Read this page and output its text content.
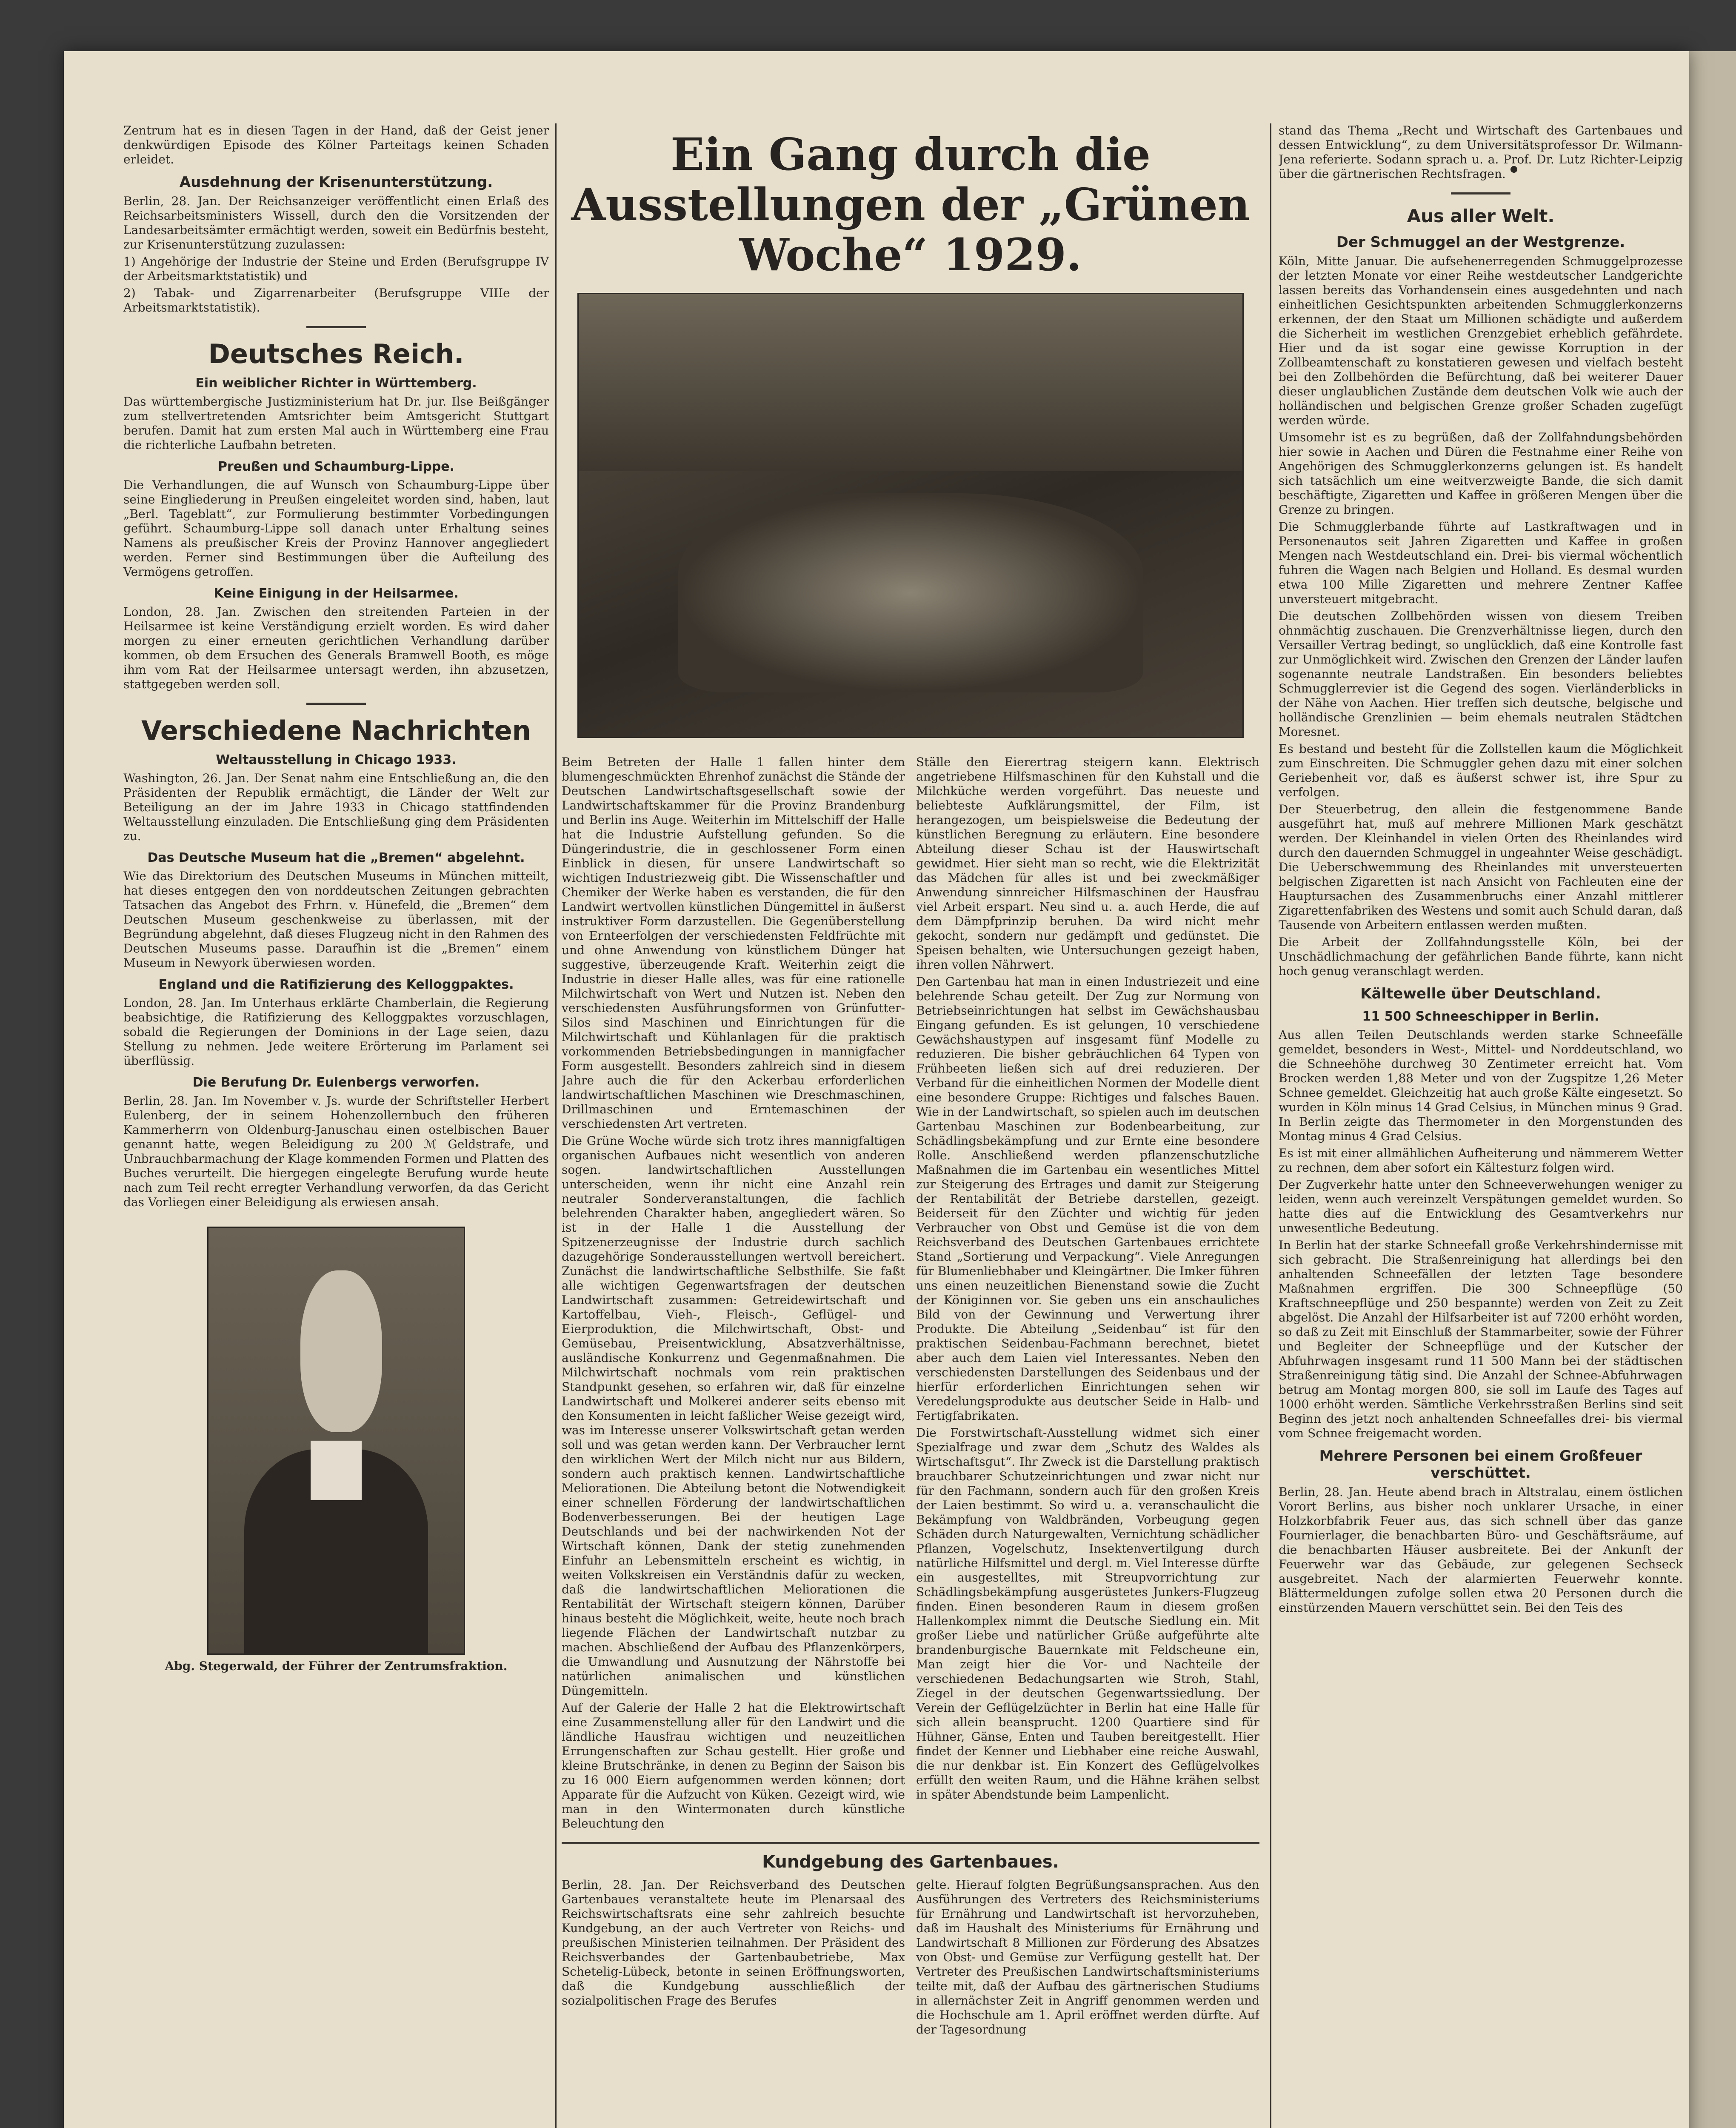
Zentrum hat es in diesen Tagen in der Hand, daß der Geist jener denkwürdigen Episode des Kölner Parteitags keinen Schaden erleidet.

Ausdehnung der Krisenunterstützung.

Berlin, 28. Jan. Der Reichsanzeiger veröffentlicht einen Erlaß des Reichsarbeitsministers Wissell, durch den die Vorsitzenden der Landesarbeitsämter ermächtigt werden, soweit ein Bedürfnis besteht, zur Krisenunterstützung zuzulassen:

1) Angehörige der Industrie der Steine und Erden (Berufsgruppe IV der Arbeitsmarktstatistik) und

2) Tabak- und Zigarrenarbeiter (Berufsgruppe VIIIe der Arbeitsmarktstatistik).

Deutsches Reich.
Ein weiblicher Richter in Württemberg.

Das württembergische Justizministerium hat Dr. jur. Ilse Beißgänger zum stellvertretenden Amtsrichter beim Amtsgericht Stuttgart berufen. Damit hat zum ersten Mal auch in Württemberg eine Frau die richterliche Laufbahn betreten.

Preußen und Schaumburg-Lippe.

Die Verhandlungen, die auf Wunsch von Schaumburg-Lippe über seine Eingliederung in Preußen eingeleitet worden sind, haben, laut „Berl. Tageblatt“, zur Formulierung bestimmter Vorbedingungen geführt. Schaumburg-Lippe soll danach unter Erhaltung seines Namens als preußischer Kreis der Provinz Hannover angegliedert werden. Ferner sind Bestimmungen über die Aufteilung des Vermögens getroffen.

Keine Einigung in der Heilsarmee.

London, 28. Jan. Zwischen den streitenden Parteien in der Heilsarmee ist keine Verständigung erzielt worden. Es wird daher morgen zu einer erneuten gerichtlichen Verhandlung darüber kommen, ob dem Ersuchen des Generals Bramwell Booth, es möge ihm vom Rat der Heilsarmee untersagt werden, ihn abzusetzen, stattgegeben werden soll.

Verschiedene Nachrichten
Weltausstellung in Chicago 1933.

Washington, 26. Jan. Der Senat nahm eine Entschließung an, die den Präsidenten der Republik ermächtigt, die Länder der Welt zur Beteiligung an der im Jahre 1933 in Chicago stattfindenden Weltausstellung einzuladen. Die Entschließung ging dem Präsidenten zu.

Das Deutsche Museum hat die „Bremen“ abgelehnt.

Wie das Direktorium des Deutschen Museums in München mitteilt, hat dieses entgegen den von norddeutschen Zeitungen gebrachten Tatsachen das Angebot des Frhrn. v. Hünefeld, die „Bremen“ dem Deutschen Museum geschenkweise zu überlassen, mit der Begründung abgelehnt, daß dieses Flugzeug nicht in den Rahmen des Deutschen Museums passe. Daraufhin ist die „Bremen“ einem Museum in Newyork überwiesen worden.

England und die Ratifizierung des Kelloggpaktes.

London, 28. Jan. Im Unterhaus erklärte Chamberlain, die Regierung beabsichtige, die Ratifizierung des Kelloggpaktes vorzuschlagen, sobald die Regierungen der Dominions in der Lage seien, dazu Stellung zu nehmen. Jede weitere Erörterung im Parlament sei überflüssig.

Die Berufung Dr. Eulenbergs verworfen.

Berlin, 28. Jan. Im November v. Js. wurde der Schriftsteller Herbert Eulenberg, der in seinem Hohenzollernbuch den früheren Kammerherrn von Oldenburg-Januschau einen ostelbischen Bauer genannt hatte, wegen Beleidigung zu 200 ℳ Geldstrafe, und Unbrauchbarmachung der Klage kommenden Formen und Platten des Buches verurteilt. Die hiergegen eingelegte Berufung wurde heute nach zum Teil recht erregter Verhandlung verworfen, da das Gericht das Vorliegen einer Beleidigung als erwiesen ansah.

Abg. Stegerwald, der Führer der Zentrumsfraktion.
Ein Gang durch die Ausstellungen der „Grünen Woche“ 1929.

Beim Betreten der Halle 1 fallen hinter dem blumengeschmückten Ehrenhof zunächst die Stände der Deutschen Landwirtschaftsgesellschaft sowie der Landwirtschaftskammer für die Provinz Brandenburg und Berlin ins Auge. Weiterhin im Mittelschiff der Halle hat die Industrie Aufstellung gefunden. So die Düngerindustrie, die in geschlossener Form einen Einblick in diesen, für unsere Landwirtschaft so wichtigen Industriezweig gibt. Die Wissenschaftler und Chemiker der Werke haben es verstanden, die für den Landwirt wertvollen künstlichen Düngemittel in äußerst instruktiver Form darzustellen. Die Gegenüberstellung von Ernteerfolgen der verschiedensten Feldfrüchte mit und ohne Anwendung von künstlichem Dünger hat suggestive, überzeugende Kraft. Weiterhin zeigt die Industrie in dieser Halle alles, was für eine rationelle Milchwirtschaft von Wert und Nutzen ist. Neben den verschiedensten Ausführungsformen von Grünfutter-Silos sind Maschinen und Einrichtungen für die Milchwirtschaft und Kühlanlagen für die praktisch vorkommenden Betriebsbedingungen in mannigfacher Form ausgestellt. Besonders zahlreich sind in diesem Jahre auch die für den Ackerbau erforderlichen landwirtschaftlichen Maschinen wie Dreschmaschinen, Drillmaschinen und Erntemaschinen der verschiedensten Art vertreten.

Die Grüne Woche würde sich trotz ihres mannigfaltigen organischen Aufbaues nicht wesentlich von anderen sogen. landwirtschaftlichen Ausstellungen unterscheiden, wenn ihr nicht eine Anzahl rein neutraler Sonderveranstaltungen, die fachlich belehrenden Charakter haben, angegliedert wären. So ist in der Halle 1 die Ausstellung der Spitzenerzeugnisse der Industrie durch sachlich dazugehörige Sonderausstellungen wertvoll bereichert. Zunächst die landwirtschaftliche Selbsthilfe. Sie faßt alle wichtigen Gegenwartsfragen der deutschen Landwirtschaft zusammen: Getreidewirtschaft und Kartoffelbau, Vieh-, Fleisch-, Geflügel- und Eierproduktion, die Milchwirtschaft, Obst- und Gemüsebau, Preisentwicklung, Absatzverhältnisse, ausländische Konkurrenz und Gegenmaßnahmen. Die Milchwirtschaft nochmals vom rein praktischen Standpunkt gesehen, so erfahren wir, daß für einzelne Landwirtschaft und Molkerei anderer seits ebenso mit den Konsumenten in leicht faßlicher Weise gezeigt wird, was im Interesse unserer Volkswirtschaft getan werden soll und was getan werden kann. Der Verbraucher lernt den wirklichen Wert der Milch nicht nur aus Bildern, sondern auch praktisch kennen. Landwirtschaftliche Meliorationen. Die Abteilung betont die Notwendigkeit einer schnellen Förderung der landwirtschaftlichen Bodenverbesserungen. Bei der heutigen Lage Deutschlands und bei der nachwirkenden Not der Wirtschaft können, Dank der stetig zunehmenden Einfuhr an Lebensmitteln erscheint es wichtig, in weiten Volkskreisen ein Verständnis dafür zu wecken, daß die landwirtschaftlichen Meliorationen die Rentabilität der Wirtschaft steigern können, Darüber hinaus besteht die Möglichkeit, weite, heute noch brach liegende Flächen der Landwirtschaft nutzbar zu machen. Abschließend der Aufbau des Pflanzenkörpers, die Umwandlung und Ausnutzung der Nährstoffe bei natürlichen animalischen und künstlichen Düngemitteln.

Auf der Galerie der Halle 2 hat die Elektrowirtschaft eine Zusammenstellung aller für den Landwirt und die ländliche Hausfrau wichtigen und neuzeitlichen Errungenschaften zur Schau gestellt. Hier große und kleine Brutschränke, in denen zu Beginn der Saison bis zu 16 000 Eiern aufgenommen werden können; dort Apparate für die Aufzucht von Küken. Gezeigt wird, wie man in den Wintermonaten durch künstliche Beleuchtung den

Ställe den Eierertrag steigern kann. Elektrisch angetriebene Hilfsmaschinen für den Kuhstall und die Milchküche werden vorgeführt. Das neueste und beliebteste Aufklärungsmittel, der Film, ist herangezogen, um beispielsweise die Bedeutung der künstlichen Beregnung zu erläutern. Eine besondere Abteilung dieser Schau ist der Hauswirtschaft gewidmet. Hier sieht man so recht, wie die Elektrizität das Mädchen für alles ist und bei zweckmäßiger Anwendung sinnreicher Hilfsmaschinen der Hausfrau viel Arbeit erspart. Neu sind u. a. auch Herde, die auf dem Dämpfprinzip beruhen. Da wird nicht mehr gekocht, sondern nur gedämpft und gedünstet. Die Speisen behalten, wie Untersuchungen gezeigt haben, ihren vollen Nährwert.

Den Gartenbau hat man in einen Industriezeit und eine belehrende Schau geteilt. Der Zug zur Normung von Betriebseinrichtungen hat selbst im Gewächshausbau Eingang gefunden. Es ist gelungen, 10 verschiedene Gewächshaustypen auf insgesamt fünf Modelle zu reduzieren. Die bisher gebräuchlichen 64 Typen von Frühbeeten ließen sich auf drei reduzieren. Der Verband für die einheitlichen Normen der Modelle dient eine besondere Gruppe: Richtiges und falsches Bauen. Wie in der Landwirtschaft, so spielen auch im deutschen Gartenbau Maschinen zur Bodenbearbeitung, zur Schädlingsbekämpfung und zur Ernte eine besondere Rolle. Anschließend werden pflanzenschutzliche Maßnahmen die im Gartenbau ein wesentliches Mittel zur Steigerung des Ertrages und damit zur Steigerung der Rentabilität der Betriebe darstellen, gezeigt. Beiderseit für den Züchter und wichtig für jeden Verbraucher von Obst und Gemüse ist die von dem Reichsverband des Deutschen Gartenbaues errichtete Stand „Sortierung und Verpackung“. Viele Anregungen für Blumenliebhaber und Kleingärtner. Die Imker führen uns einen neuzeitlichen Bienenstand sowie die Zucht der Königinnen vor. Sie geben uns ein anschauliches Bild von der Gewinnung und Verwertung ihrer Produkte. Die Abteilung „Seidenbau“ ist für den praktischen Seidenbau-Fachmann berechnet, bietet aber auch dem Laien viel Interessantes. Neben den verschiedensten Darstellungen des Seidenbaus und der hierfür erforderlichen Einrichtungen sehen wir Veredelungsprodukte aus deutscher Seide in Halb- und Fertigfabrikaten.

Die Forstwirtschaft-Ausstellung widmet sich einer Spezialfrage und zwar dem „Schutz des Waldes als Wirtschaftsgut“. Ihr Zweck ist die Darstellung praktisch brauchbarer Schutzeinrichtungen und zwar nicht nur für den Fachmann, sondern auch für den großen Kreis der Laien bestimmt. So wird u. a. veranschaulicht die Bekämpfung von Waldbränden, Vorbeugung gegen Schäden durch Naturgewalten, Vernichtung schädlicher Pflanzen, Vogelschutz, Insektenvertilgung durch natürliche Hilfsmittel und dergl. m. Viel Interesse dürfte ein ausgestelltes, mit Streupvorrichtung zur Schädlingsbekämpfung ausgerüstetes Junkers-Flugzeug finden. Einen besonderen Raum in diesem großen Hallenkomplex nimmt die Deutsche Siedlung ein. Mit großer Liebe und natürlicher Grüße aufgeführte alte brandenburgische Bauernkate mit Feldscheune ein, Man zeigt hier die Vor- und Nachteile der verschiedenen Bedachungsarten wie Stroh, Stahl, Ziegel in der deutschen Gegenwartssiedlung. Der Verein der Geflügelzüchter in Berlin hat eine Halle für sich allein beansprucht. 1200 Quartiere sind für Hühner, Gänse, Enten und Tauben bereitgestellt. Hier findet der Kenner und Liebhaber eine reiche Auswahl, die nur denkbar ist. Ein Konzert des Geflügelvolkes erfüllt den weiten Raum, und die Hähne krähen selbst in später Abendstunde beim Lampenlicht.

Kundgebung des Gartenbaues.

Berlin, 28. Jan. Der Reichsverband des Deutschen Gartenbaues veranstaltete heute im Plenarsaal des Reichswirtschaftsrats eine sehr zahlreich besuchte Kundgebung, an der auch Vertreter von Reichs- und preußischen Ministerien teilnahmen. Der Präsident des Reichsverbandes der Gartenbaubetriebe, Max Schetelig-Lübeck, betonte in seinen Eröffnungsworten, daß die Kundgebung ausschließlich der sozialpolitischen Frage des Berufes

gelte. Hierauf folgten Begrüßungsansprachen. Aus den Ausführungen des Vertreters des Reichsministeriums für Ernährung und Landwirtschaft ist hervorzuheben, daß im Haushalt des Ministeriums für Ernährung und Landwirtschaft 8 Millionen zur Förderung des Absatzes von Obst- und Gemüse zur Verfügung gestellt hat. Der Vertreter des Preußischen Landwirtschaftsministeriums teilte mit, daß der Aufbau des gärtnerischen Studiums in allernächster Zeit in Angriff genommen werden und die Hochschule am 1. April eröffnet werden dürfte. Auf der Tagesordnung

stand das Thema „Recht und Wirtschaft des Gartenbaues und dessen Entwicklung“, zu dem Universitätsprofessor Dr. Wilmann-Jena referierte. Sodann sprach u. a. Prof. Dr. Lutz Richter-Leipzig über die gärtnerischen Rechtsfragen.

Aus aller Welt.
Der Schmuggel an der Westgrenze.

Köln, Mitte Januar. Die aufsehenerregenden Schmuggelprozesse der letzten Monate vor einer Reihe westdeutscher Landgerichte lassen bereits das Vorhandensein eines ausgedehnten und nach einheitlichen Gesichtspunkten arbeitenden Schmugglerkonzerns erkennen, der den Staat um Millionen schädigte und außerdem die Sicherheit im westlichen Grenzgebiet erheblich gefährdete. Hier und da ist sogar eine gewisse Korruption in der Zollbeamtenschaft zu konstatieren gewesen und vielfach besteht bei den Zollbehörden die Befürchtung, daß bei weiterer Dauer dieser unglaublichen Zustände dem deutschen Volk wie auch der holländischen und belgischen Grenze großer Schaden zugefügt werden würde.

Umsomehr ist es zu begrüßen, daß der Zollfahndungsbehörden hier sowie in Aachen und Düren die Festnahme einer Reihe von Angehörigen des Schmugglerkonzerns gelungen ist. Es handelt sich tatsächlich um eine weitverzweigte Bande, die sich damit beschäftigte, Zigaretten und Kaffee in größeren Mengen über die Grenze zu bringen.

Die Schmugglerbande führte auf Lastkraftwagen und in Personenautos seit Jahren Zigaretten und Kaffee in großen Mengen nach Westdeutschland ein. Drei- bis viermal wöchentlich fuhren die Wagen nach Belgien und Holland. Es desmal wurden etwa 100 Mille Zigaretten und mehrere Zentner Kaffee unversteuert mitgebracht.

Die deutschen Zollbehörden wissen von diesem Treiben ohnmächtig zuschauen. Die Grenzverhältnisse liegen, durch den Versailler Vertrag bedingt, so unglücklich, daß eine Kontrolle fast zur Unmöglichkeit wird. Zwischen den Grenzen der Länder laufen sogenannte neutrale Landstraßen. Ein besonders beliebtes Schmugglerrevier ist die Gegend des sogen. Vierländerblicks in der Nähe von Aachen. Hier treffen sich deutsche, belgische und holländische Grenzlinien — beim ehemals neutralen Städtchen Moresnet.

Es bestand und besteht für die Zollstellen kaum die Möglichkeit zum Einschreiten. Die Schmuggler gehen dazu mit einer solchen Geriebenheit vor, daß es äußerst schwer ist, ihre Spur zu verfolgen.

Der Steuerbetrug, den allein die festgenommene Bande ausgeführt hat, muß auf mehrere Millionen Mark geschätzt werden. Der Kleinhandel in vielen Orten des Rheinlandes wird durch den dauernden Schmuggel in ungeahnter Weise geschädigt. Die Ueberschwemmung des Rheinlandes mit unversteuerten belgischen Zigaretten ist nach Ansicht von Fachleuten eine der Hauptursachen des Zusammenbruchs einer Anzahl mittlerer Zigarettenfabriken des Westens und somit auch Schuld daran, daß Tausende von Arbeitern entlassen werden mußten.

Die Arbeit der Zollfahndungsstelle Köln, bei der Unschädlichmachung der gefährlichen Bande führte, kann nicht hoch genug veranschlagt werden.

Kältewelle über Deutschland.
11 500 Schneeschipper in Berlin.

Aus allen Teilen Deutschlands werden starke Schneefälle gemeldet, besonders in West-, Mittel- und Norddeutschland, wo die Schneehöhe durchweg 30 Zentimeter erreicht hat. Vom Brocken werden 1,88 Meter und von der Zugspitze 1,26 Meter Schnee gemeldet. Gleichzeitig hat auch große Kälte eingesetzt. So wurden in Köln minus 14 Grad Celsius, in München minus 9 Grad. In Berlin zeigte das Thermometer in den Morgenstunden des Montag minus 4 Grad Celsius.

Es ist mit einer allmählichen Aufheiterung und nämmerem Wetter zu rechnen, dem aber sofort ein Kältesturz folgen wird.

Der Zugverkehr hatte unter den Schneeverwehungen weniger zu leiden, wenn auch vereinzelt Verspätungen gemeldet wurden. So hatte dies auf die Entwicklung des Gesamtverkehrs nur unwesentliche Bedeutung.

In Berlin hat der starke Schneefall große Verkehrshindernisse mit sich gebracht. Die Straßenreinigung hat allerdings bei den anhaltenden Schneefällen der letzten Tage besondere Maßnahmen ergriffen. Die 300 Schneepflüge (50 Kraftschneepflüge und 250 bespannte) werden von Zeit zu Zeit abgelöst. Die Anzahl der Hilfsarbeiter ist auf 7200 erhöht worden, so daß zu Zeit mit Einschluß der Stammarbeiter, sowie der Führer und Begleiter der Schneepflüge und der Kutscher der Abfuhrwagen insgesamt rund 11 500 Mann bei der städtischen Straßenreinigung tätig sind. Die Anzahl der Schnee-Abfuhrwagen betrug am Montag morgen 800, sie soll im Laufe des Tages auf 1000 erhöht werden. Sämtliche Verkehrsstraßen Berlins sind seit Beginn des jetzt noch anhaltenden Schneefalles drei- bis viermal vom Schnee freigemacht worden.

Mehrere Personen bei einem Großfeuer verschüttet.

Berlin, 28. Jan. Heute abend brach in Altstralau, einem östlichen Vorort Berlins, aus bisher noch unklarer Ursache, in einer Holzkorbfabrik Feuer aus, das sich schnell über das ganze Fournierlager, die benachbarten Büro- und Geschäftsräume, auf die benachbarten Häuser ausbreitete. Bei der Ankunft der Feuerwehr war das Gebäude, zur gelegenen Sechseck ausgebreitet. Nach der alarmierten Feuerwehr konnte. Blättermeldungen zufolge sollen etwa 20 Personen durch die einstürzenden Mauern verschüttet sein. Bei den Teis des
